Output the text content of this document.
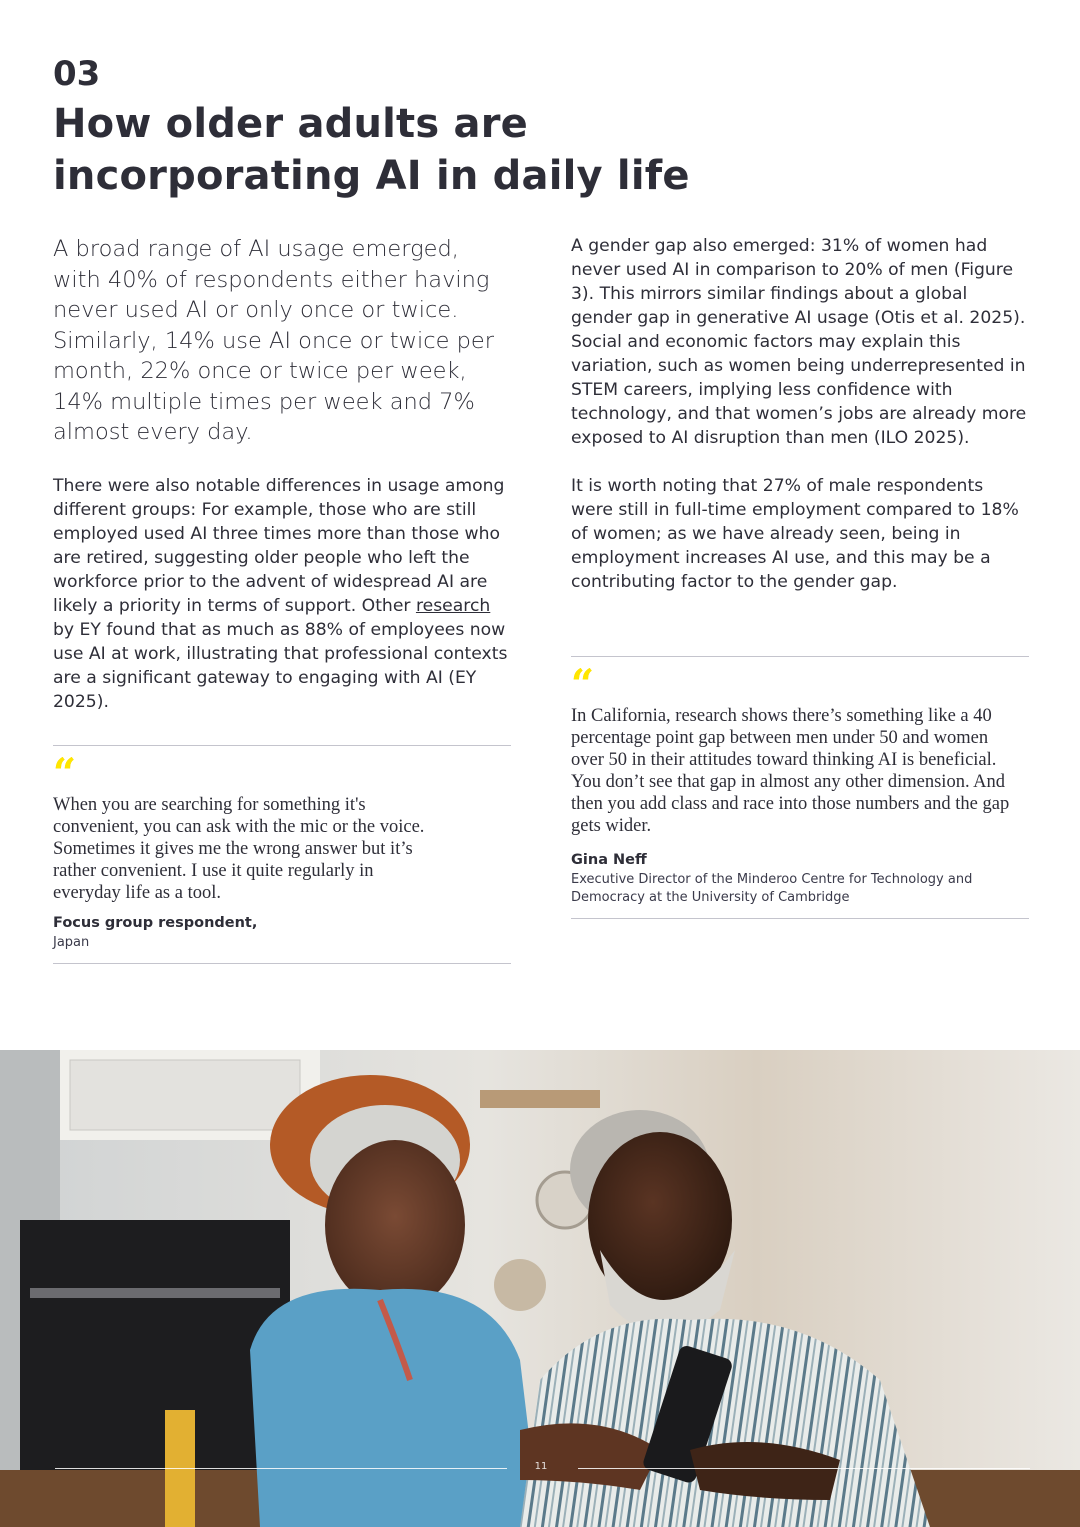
03

How older adults are
incorporating AI in daily life

A broad range of AI usage emerged, with 40% of respondents either having never used AI or only once or twice. Similarly, 14% use AI once or twice per month, 22% once or twice per week, 14% multiple times per week and 7% almost every day.

There were also notable differences in usage among different groups: For example, those who are still employed used AI three times more than those who are retired, suggesting older people who left the workforce prior to the advent of widespread AI are likely a priority in terms of support. Other research by EY found that as much as 88% of employees now use AI at work, illustrating that professional contexts are a significant gateway to engaging with AI (EY 2025).

“

When you are searching for something it's convenient, you can ask with the mic or the voice. Sometimes it gives me the wrong answer but it’s rather convenient. I use it quite regularly in everyday life as a tool.

Focus group respondent,

Japan

A gender gap also emerged: 31% of women had never used AI in comparison to 20% of men (Figure 3). This mirrors similar findings about a global gender gap in generative AI usage (Otis et al. 2025). Social and economic factors may explain this variation, such as women being underrepresented in STEM careers, implying less confidence with technology, and that women’s jobs are already more exposed to AI disruption than men (ILO 2025).

It is worth noting that 27% of male respondents were still in full-time employment compared to 18% of women; as we have already seen, being in employment increases AI use, and this may be a contributing factor to the gender gap.

“

In California, research shows there’s something like a 40 percentage point gap between men under 50 and women over 50 in their attitudes toward thinking AI is beneficial. You don’t see that gap in almost any other dimension. And then you add class and race into those numbers and the gap gets wider.

Gina Neff

Executive Director of the Minderoo Centre for Technology and Democracy at the University of Cambridge

11
